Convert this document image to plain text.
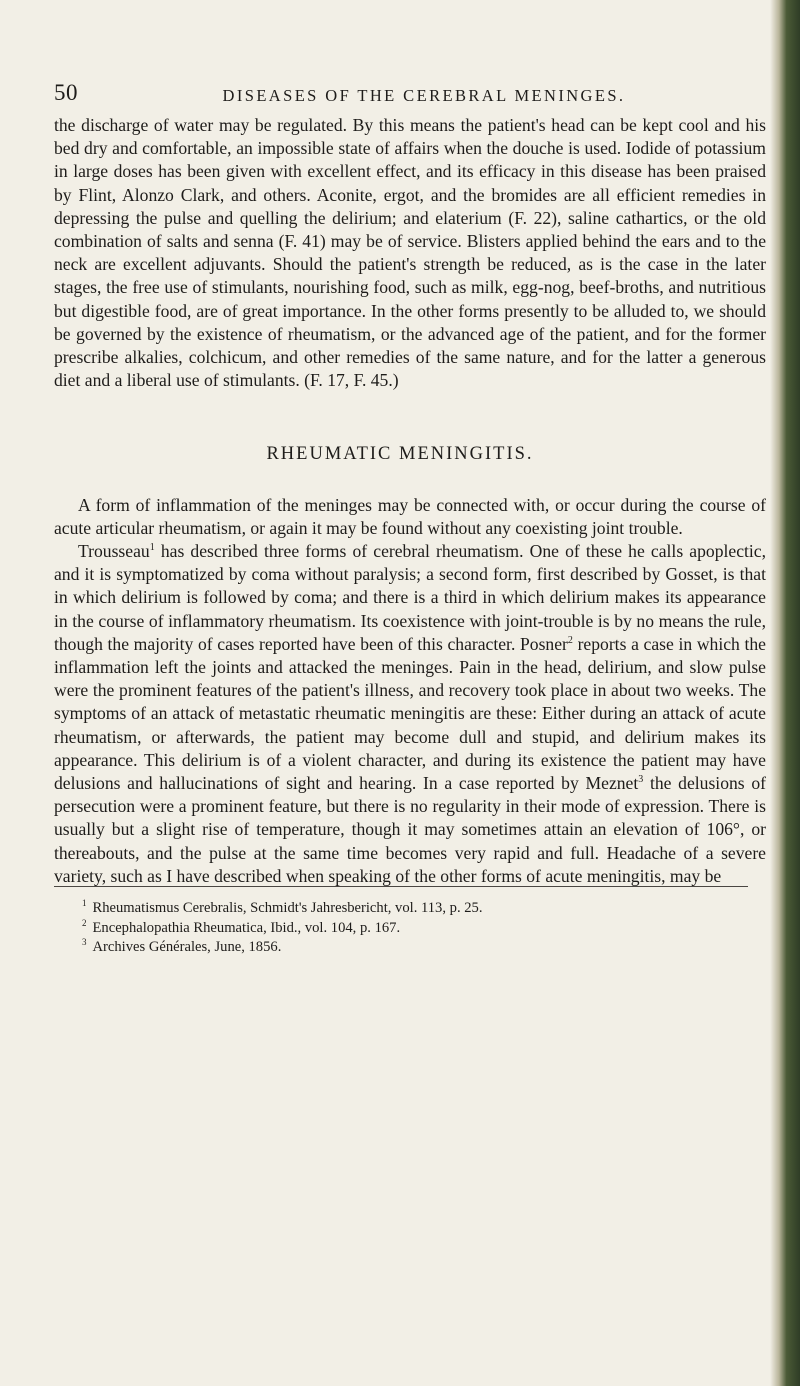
50	DISEASES OF THE CEREBRAL MENINGES.

the discharge of water may be regulated. By this means the patient's head can be kept cool and his bed dry and comfortable, an impossible state of affairs when the douche is used. Iodide of potassium in large doses has been given with excellent effect, and its efficacy in this disease has been praised by Flint, Alonzo Clark, and others. Aconite, ergot, and the bromides are all efficient remedies in depressing the pulse and quelling the delirium; and elaterium (F. 22), saline cathartics, or the old combination of salts and senna (F. 41) may be of service. Blisters applied behind the ears and to the neck are excellent adjuvants. Should the patient's strength be reduced, as is the case in the later stages, the free use of stimulants, nourishing food, such as milk, egg-nog, beef-broths, and nutritious but digestible food, are of great importance. In the other forms presently to be alluded to, we should be governed by the existence of rheumatism, or the advanced age of the patient, and for the former prescribe alkalies, colchicum, and other remedies of the same nature, and for the latter a generous diet and a liberal use of stimulants. (F. 17, F. 45.)

RHEUMATIC MENINGITIS.

A form of inflammation of the meninges may be connected with, or occur during the course of acute articular rheumatism, or again it may be found without any coexisting joint trouble.

Trousseau$^1$ has described three forms of cerebral rheumatism. One of these he calls apoplectic, and it is symptomatized by coma without paralysis; a second form, first described by Gosset, is that in which delirium is followed by coma; and there is a third in which delirium makes its appearance in the course of inflammatory rheumatism. Its coexistence with joint-trouble is by no means the rule, though the majority of cases reported have been of this character. Posner$^2$ reports a case in which the inflammation left the joints and attacked the meninges. Pain in the head, delirium, and slow pulse were the prominent features of the patient's illness, and recovery took place in about two weeks. The symptoms of an attack of metastatic rheumatic meningitis are these: Either during an attack of acute rheumatism, or afterwards, the patient may become dull and stupid, and delirium makes its appearance. This delirium is of a violent character, and during its existence the patient may have delusions and hallucinations of sight and hearing. In a case reported by Meznet$^3$ the delusions of persecution were a prominent feature, but there is no regularity in their mode of expression. There is usually but a slight rise of temperature, though it may sometimes attain an elevation of 106°, or thereabouts, and the pulse at the same time becomes very rapid and full. Headache of a severe variety, such as I have described when speaking of the other forms of acute meningitis, may be

$^1$ Rheumatismus Cerebralis, Schmidt's Jahresbericht, vol. 113, p. 25.

$^2$ Encephalopathia Rheumatica, Ibid., vol. 104, p. 167.

$^3$ Archives Générales, June, 1856.
